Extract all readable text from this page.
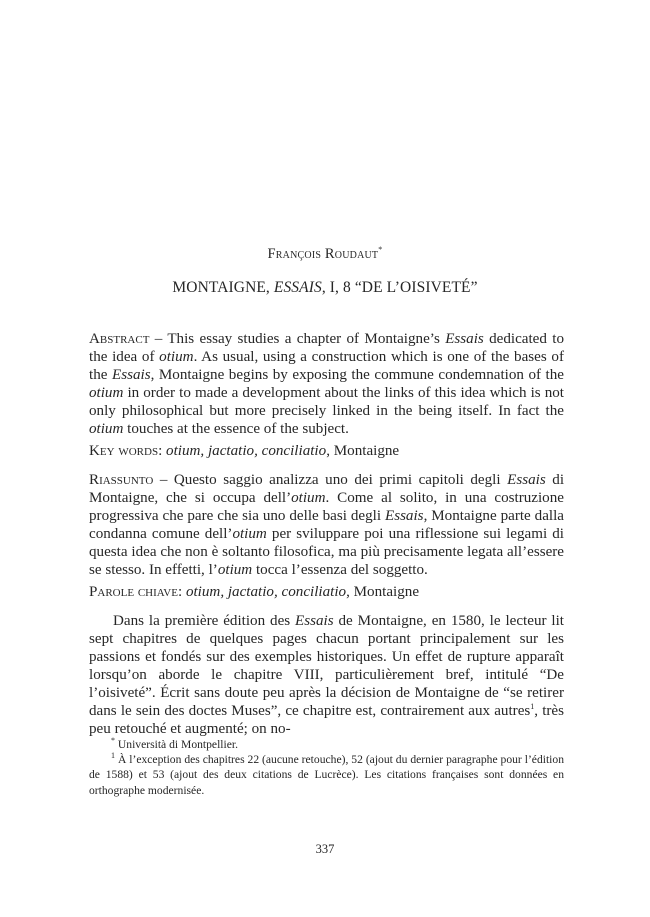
François Roudaut*
MONTAIGNE, ESSAIS, I, 8 “DE L’OISIVETÉ”
Abstract – This essay studies a chapter of Montaigne’s Essais dedicated to the idea of otium. As usual, using a construction which is one of the bases of the Essais, Montaigne begins by exposing the commune condemnation of the otium in order to made a development about the links of this idea which is not only philosophical but more precisely linked in the being itself. In fact the otium touches at the essence of the subject.
Key words: otium, jactatio, conciliatio, Montaigne
Riassunto – Questo saggio analizza uno dei primi capitoli degli Essais di Montaigne, che si occupa dell’otium. Come al solito, in una costruzione progressiva che pare che sia uno delle basi degli Essais, Montaigne parte dalla condanna comune dell’otium per sviluppare poi una riflessione sui legami di questa idea che non è soltanto filosofica, ma più precisamente legata all’essere se stesso. In effetti, l’otium tocca l’essenza del soggetto.
Parole chiave: otium, jactatio, conciliatio, Montaigne
Dans la première édition des Essais de Montaigne, en 1580, le lecteur lit sept chapitres de quelques pages chacun portant principalement sur les passions et fondés sur des exemples historiques. Un effet de rupture apparaît lorsqu’on aborde le chapitre VIII, particulièrement bref, intitulé “De l’oisiveté”. Écrit sans doute peu après la décision de Montaigne de “se retirer dans le sein des doctes Muses”, ce chapitre est, contrairement aux autres$^1$, très peu retouché et augmenté; on no-
* Università di Montpellier.
$^1$ À l’exception des chapitres 22 (aucune retouche), 52 (ajout du dernier paragraphe pour l’édition de 1588) et 53 (ajout des deux citations de Lucrèce). Les citations françaises sont données en orthographe modernisée.
337
